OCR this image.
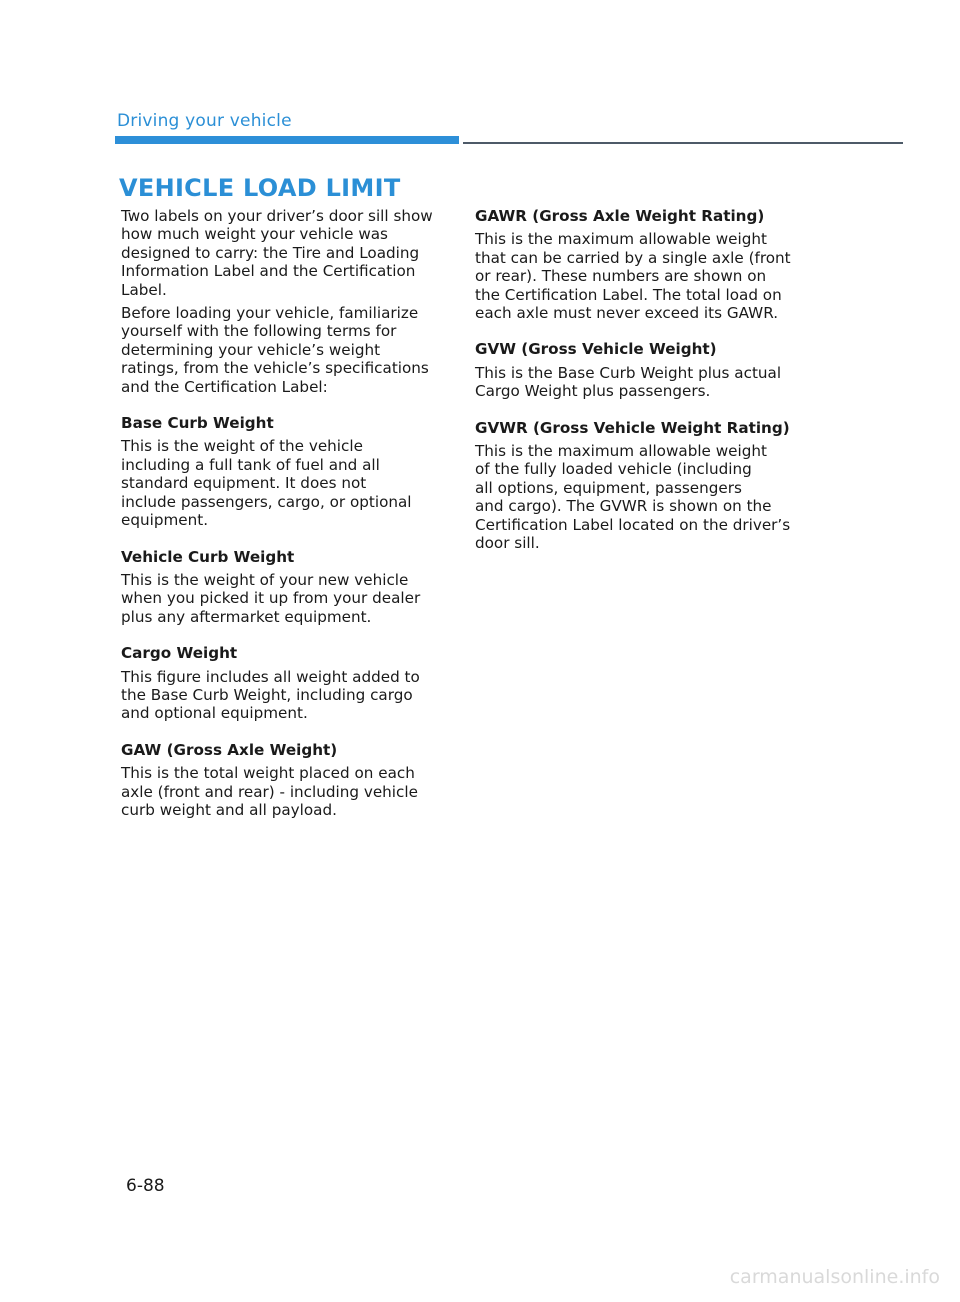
Driving your vehicle
VEHICLE LOAD LIMIT

Two labels on your driver’s door sill show
how much weight your vehicle was
designed to carry: the Tire and Loading
Information Label and the Certification
Label.

Before loading your vehicle, familiarize
yourself with the following terms for
determining your vehicle’s weight
ratings, from the vehicle’s specifications
and the Certification Label:

Base Curb Weight

This is the weight of the vehicle
including a full tank of fuel and all
standard equipment. It does not
include passengers, cargo, or optional
equipment.

Vehicle Curb Weight

This is the weight of your new vehicle
when you picked it up from your dealer
plus any aftermarket equipment.

Cargo Weight

This figure includes all weight added to
the Base Curb Weight, including cargo
and optional equipment.

GAW (Gross Axle Weight)

This is the total weight placed on each
axle (front and rear) - including vehicle
curb weight and all payload.

GAWR (Gross Axle Weight Rating)

This is the maximum allowable weight
that can be carried by a single axle (front
or rear). These numbers are shown on
the Certification Label. The total load on
each axle must never exceed its GAWR.

GVW (Gross Vehicle Weight)

This is the Base Curb Weight plus actual
Cargo Weight plus passengers.

GVWR (Gross Vehicle Weight Rating)

This is the maximum allowable weight
of the fully loaded vehicle (including
all options, equipment, passengers
and cargo). The GVWR is shown on the
Certification Label located on the driver’s
door sill.

6-88
carmanualsonline.info
